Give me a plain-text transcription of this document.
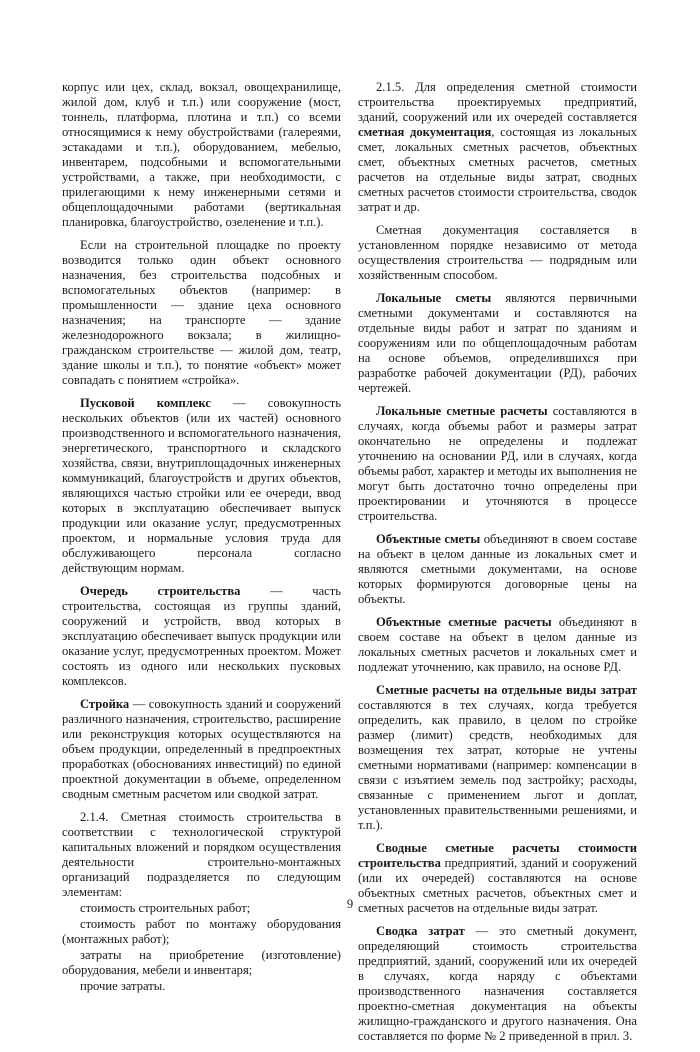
корпус или цех, склад, вокзал, овощехранилище, жилой дом, клуб и т.п.) или сооружение (мост, тоннель, платформа, плотина и т.п.) со всеми относящимися к нему обустройствами (галереями, эстакадами и т.п.), оборудованием, мебелью, инвентарем, подсобными и вспомогательными устройствами, а также, при необходимости, с прилегающими к нему инженерными сетями и общеплощадочными работами (вертикальная планировка, благоустройство, озеленение и т.п.).

Если на строительной площадке по проекту возводится только один объект основного назначения, без строительства подсобных и вспомогательных объектов (например: в промышленности — здание цеха основного назначения; на транспорте — здание железнодорожного вокзала; в жилищно-гражданском строительстве — жилой дом, театр, здание школы и т.п.), то понятие «объект» может совпадать с понятием «стройка».

Пусковой комплекс — совокупность нескольких объектов (или их частей) основного производственного и вспомогательного назначения, энергетического, транспортного и складского хозяйства, связи, внутриплощадочных инженерных коммуникаций, благоустройств и других объектов, являющихся частью стройки или ее очереди, ввод которых в эксплуатацию обеспечивает выпуск продукции или оказание услуг, предусмотренных проектом, и нормальные условия труда для обслуживающего персонала согласно действующим нормам.

Очередь строительства — часть строительства, состоящая из группы зданий, сооружений и устройств, ввод которых в эксплуатацию обеспечивает выпуск продукции или оказание услуг, предусмотренных проектом. Может состоять из одного или нескольких пусковых комплексов.

Стройка — совокупность зданий и сооружений различного назначения, строительство, расширение или реконструкция которых осуществляются на объем продукции, определенный в предпроектных проработках (обоснованиях инвестиций) по единой проектной документации в объеме, определенном сводным сметным расчетом или сводкой затрат.

2.1.4. Сметная стоимость строительства в соответствии с технологической структурой капитальных вложений и порядком осуществления деятельности строительно-монтажных организаций подразделяется по следующим элементам:

стоимость строительных работ;

стоимость работ по монтажу оборудования (монтажных работ);

затраты на приобретение (изготовление) оборудования, мебели и инвентаря;

прочие затраты.

2.1.5. Для определения сметной стоимости строительства проектируемых предприятий, зданий, сооружений или их очередей составляется сметная документация, состоящая из локальных смет, локальных сметных расчетов, объектных смет, объектных сметных расчетов, сметных расчетов на отдельные виды затрат, сводных сметных расчетов стоимости строительства, сводок затрат и др.

Сметная документация составляется в установленном порядке независимо от метода осуществления строительства — подрядным или хозяйственным способом.

Локальные сметы являются первичными сметными документами и составляются на отдельные виды работ и затрат по зданиям и сооружениям или по общеплощадочным работам на основе объемов, определившихся при разработке рабочей документации (РД), рабочих чертежей.

Локальные сметные расчеты составляются в случаях, когда объемы работ и размеры затрат окончательно не определены и подлежат уточнению на основании РД, или в случаях, когда объемы работ, характер и методы их выполнения не могут быть достаточно точно определены при проектировании и уточняются в процессе строительства.

Объектные сметы объединяют в своем составе на объект в целом данные из локальных смет и являются сметными документами, на основе которых формируются договорные цены на объекты.

Объектные сметные расчеты объединяют в своем составе на объект в целом данные из локальных сметных расчетов и локальных смет и подлежат уточнению, как правило, на основе РД.

Сметные расчеты на отдельные виды затрат составляются в тех случаях, когда требуется определить, как правило, в целом по стройке размер (лимит) средств, необходимых для возмещения тех затрат, которые не учтены сметными нормативами (например: компенсации в связи с изъятием земель под застройку; расходы, связанные с применением льгот и доплат, установленных правительственными решениями, и т.п.).

Сводные сметные расчеты стоимости строительства предприятий, зданий и сооружений (или их очередей) составляются на основе объектных сметных расчетов, объектных смет и сметных расчетов на отдельные виды затрат.

Сводка затрат — это сметный документ, определяющий стоимость строительства предприятий, зданий, сооружений или их очередей в случаях, когда наряду с объектами производственного назначения составляется проектно-сметная документация на объекты жилищно-гражданского и другого назначения. Она составляется по форме № 2 приведенной в прил. 3.

9
